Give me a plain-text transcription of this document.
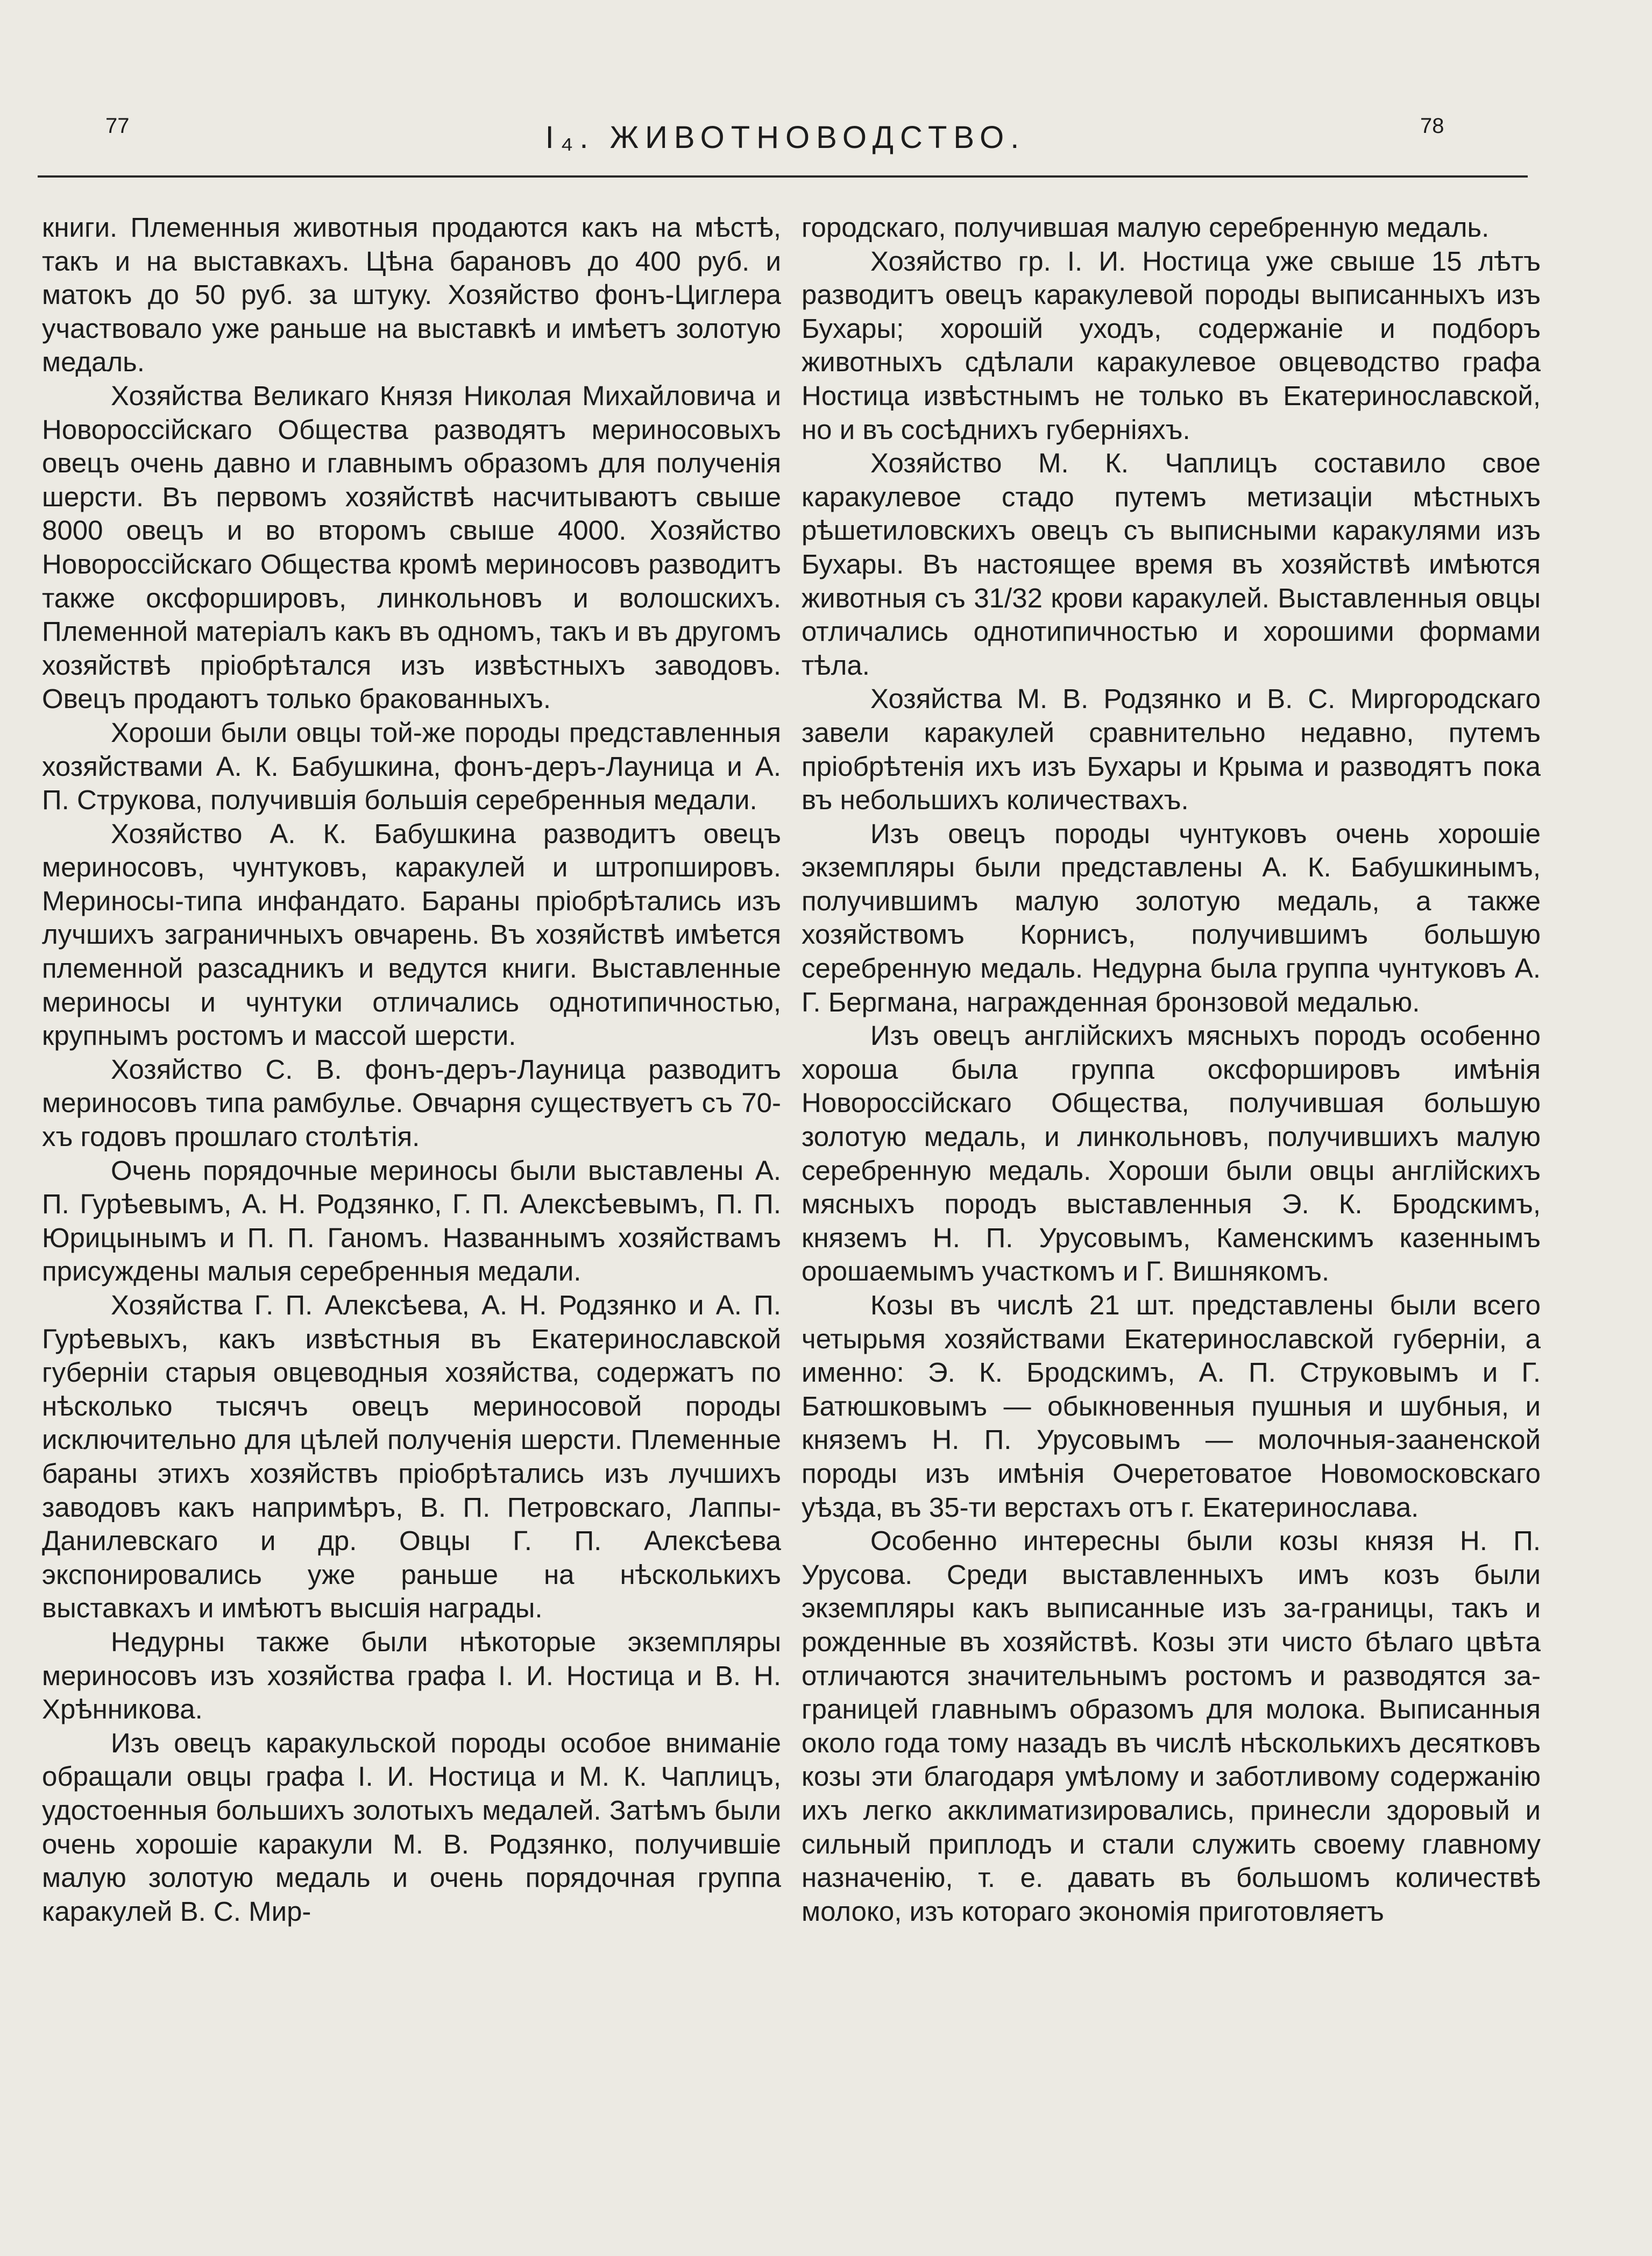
77	I₄. ЖИВОТНОВОДСТВО.	78

книги. Племенныя животныя продаются какъ на мѣстѣ, такъ и на выставкахъ. Цѣна барановъ до 400 руб. и матокъ до 50 руб. за штуку. Хозяйство фонъ-Циглера участвовало уже раньше на выставкѣ и имѣетъ золотую медаль.

Хозяйства Великаго Князя Николая Михайловича и Новороссійскаго Общества разводятъ мериносовыхъ овецъ очень давно и главнымъ образомъ для полученія шерсти. Въ первомъ хозяйствѣ насчитываютъ свыше 8000 овецъ и во второмъ свыше 4000. Хозяйство Новороссійскаго Общества кромѣ мериносовъ разводитъ также оксфоршировъ, линкольновъ и волошскихъ. Племенной матеріалъ какъ въ одномъ, такъ и въ другомъ хозяйствѣ пріобрѣтался изъ извѣстныхъ заводовъ. Овецъ продаютъ только бракованныхъ.

Хороши были овцы той-же породы представленныя хозяйствами А. К. Бабушкина, фонъ-деръ-Лауница и А. П. Струкова, получившія большія серебренныя медали.

Хозяйство А. К. Бабушкина разводитъ овецъ мериносовъ, чунтуковъ, каракулей и штропшировъ. Мериносы-типа инфандато. Бараны пріобрѣтались изъ лучшихъ заграничныхъ овчарень. Въ хозяйствѣ имѣется племенной разсадникъ и ведутся книги. Выставленные мериносы и чунтуки отличались однотипичностью, крупнымъ ростомъ и массой шерсти.

Хозяйство С. В. фонъ-деръ-Лауница разводитъ мериносовъ типа рамбулье. Овчарня существуетъ съ 70-хъ годовъ прошлаго столѣтія.

Очень порядочные мериносы были выставлены А. П. Гурѣевымъ, А. Н. Родзянко, Г. П. Алексѣевымъ, П. П. Юрицынымъ и П. П. Ганомъ. Названнымъ хозяйствамъ присуждены малыя серебренныя медали.

Хозяйства Г. П. Алексѣева, А. Н. Родзянко и А. П. Гурѣевыхъ, какъ извѣстныя въ Екатеринославской губерніи старыя овцеводныя хозяйства, содержатъ по нѣсколько тысячъ овецъ мериносовой породы исключительно для цѣлей полученія шерсти. Племенные бараны этихъ хозяйствъ пріобрѣтались изъ лучшихъ заводовъ какъ напримѣръ, В. П. Петровскаго, Лаппы-Данилевскаго и др. Овцы Г. П. Алексѣева экспонировались уже раньше на нѣсколькихъ выставкахъ и имѣютъ высшія награды.

Недурны также были нѣкоторые экземпляры мериносовъ изъ хозяйства графа І. И. Ностица и В. Н. Хрѣнникова.

Изъ овецъ каракульской породы особое вниманіе обращали овцы графа І. И. Ностица и М. К. Чаплицъ, удостоенныя большихъ золотыхъ медалей. Затѣмъ были очень хорошіе каракули М. В. Родзянко, получившіе малую золотую медаль и очень порядочная группа каракулей В. С. Мир-

городскаго, получившая малую серебренную медаль.

Хозяйство гр. І. И. Ностица уже свыше 15 лѣтъ разводитъ овецъ каракулевой породы выписанныхъ изъ Бухары; хорошій уходъ, содержаніе и подборъ животныхъ сдѣлали каракулевое овцеводство графа Ностица извѣстнымъ не только въ Екатеринославской, но и въ сосѣднихъ губерніяхъ.

Хозяйство М. К. Чаплицъ составило свое каракулевое стадо путемъ метизаціи мѣстныхъ рѣшетиловскихъ овецъ съ выписными каракулями изъ Бухары. Въ настоящее время въ хозяйствѣ имѣются животныя съ 31/32 крови каракулей. Выставленныя овцы отличались однотипичностью и хорошими формами тѣла.

Хозяйства М. В. Родзянко и В. С. Миргородскаго завели каракулей сравнительно недавно, путемъ пріобрѣтенія ихъ изъ Бухары и Крыма и разводятъ пока въ небольшихъ количествахъ.

Изъ овецъ породы чунтуковъ очень хорошіе экземпляры были представлены А. К. Бабушкинымъ, получившимъ малую золотую медаль, а также хозяйствомъ Корнисъ, получившимъ большую серебренную медаль. Недурна была группа чунтуковъ А. Г. Бергмана, награжденная бронзовой медалью.

Изъ овецъ англійскихъ мясныхъ породъ особенно хороша была группа оксфоршировъ имѣнія Новороссійскаго Общества, получившая большую золотую медаль, и линкольновъ, получившихъ малую серебренную медаль. Хороши были овцы англійскихъ мясныхъ породъ выставленныя Э. К. Бродскимъ, княземъ Н. П. Урусовымъ, Каменскимъ казеннымъ орошаемымъ участкомъ и Г. Вишнякомъ.

Козы въ числѣ 21 шт. представлены были всего четырьмя хозяйствами Екатеринославской губерніи, а именно: Э. К. Бродскимъ, А. П. Струковымъ и Г. Батюшковымъ — обыкновенныя пушныя и шубныя, и княземъ Н. П. Урусовымъ — молочныя-зааненской породы изъ имѣнія Очеретоватое Новомосковскаго уѣзда, въ 35-ти верстахъ отъ г. Екатеринослава.

Особенно интересны были козы князя Н. П. Урусова. Среди выставленныхъ имъ козъ были экземпляры какъ выписанные изъ за-границы, такъ и рожденные въ хозяйствѣ. Козы эти чисто бѣлаго цвѣта отличаются значительнымъ ростомъ и разводятся за-границей главнымъ образомъ для молока. Выписанныя около года тому назадъ въ числѣ нѣсколькихъ десятковъ козы эти благодаря умѣлому и заботливому содержанію ихъ легко акклиматизировались, принесли здоровый и сильный приплодъ и стали служить своему главному назначенію, т. е. давать въ большомъ количествѣ молоко, изъ котораго экономія приготовляетъ
